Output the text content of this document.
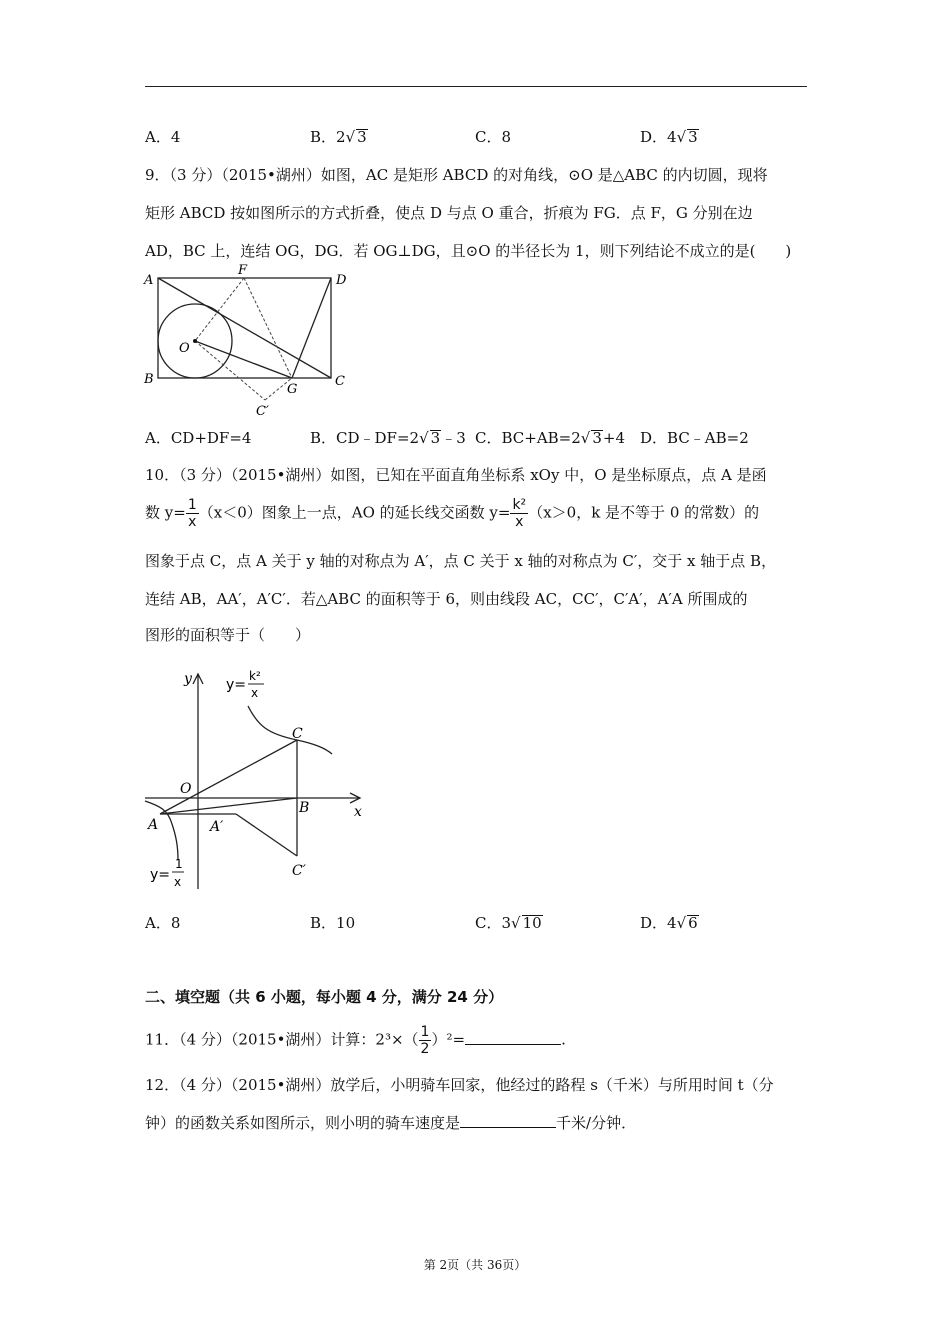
A．4	B．2√ 3	C．8	D．4√ 3
9．（3 分）（2015•湖州）如图，AC 是矩形 ABCD 的对角线，⊙O 是△ABC 的内切圆，现将
矩形 ABCD 按如图所示的方式折叠，使点 D 与点 O 重合，折痕为 FG．点 F，G 分别在边
AD，BC 上，连结 OG，DG．若 OG⊥DG，且⊙O 的半径长为 1，则下列结论不成立的是(　　)
A
F
D
O
B
G
C
C′
A．CD+DF=4	B．CD﹣DF=2√ 3﹣3 C．BC+AB=2√ 3+4 D．BC﹣AB=2
10．（3 分）（2015•湖州）如图，已知在平面直角坐标系 xOy 中，O 是坐标原点，点 A 是函
数 $y= \frac{1}{x} (x<0)$图象上一点，AO 的延长线交函数 $y= \frac{\text{k²}}{x} (x>0$，k 是不等于 0 的常数）的
图象于点 C，点 A 关于 y 轴的对称点为 A′，点 C 关于 x 轴的对称点为 C′，交于 x 轴于点 B，
连结 AB，AA′，A′C′．若△ABC 的面积等于 6，则由线段 AC，CC′，C′A′，A′A 所围成的
图形的面积等于（　　）
y
x
O
A	A′
B
C
C′
y=
k²
x
y=
1
x
A．8	B．10	C．3√ 10	D．4√ 6
二、填空题（共 6 小题，每小题 4 分，满分 24 分）
11．（4 分）（2015•湖州）计算：$2^3\times( \frac{1}{2} )^2=$	.
12．（4 分）（2015•湖州）放学后，小明骑车回家，他经过的路程 s（千米）与所用时间 t（分
钟）的函数关系如图所示，则小明的骑车速度是	千米/分钟．
第 2页（共 36页）
